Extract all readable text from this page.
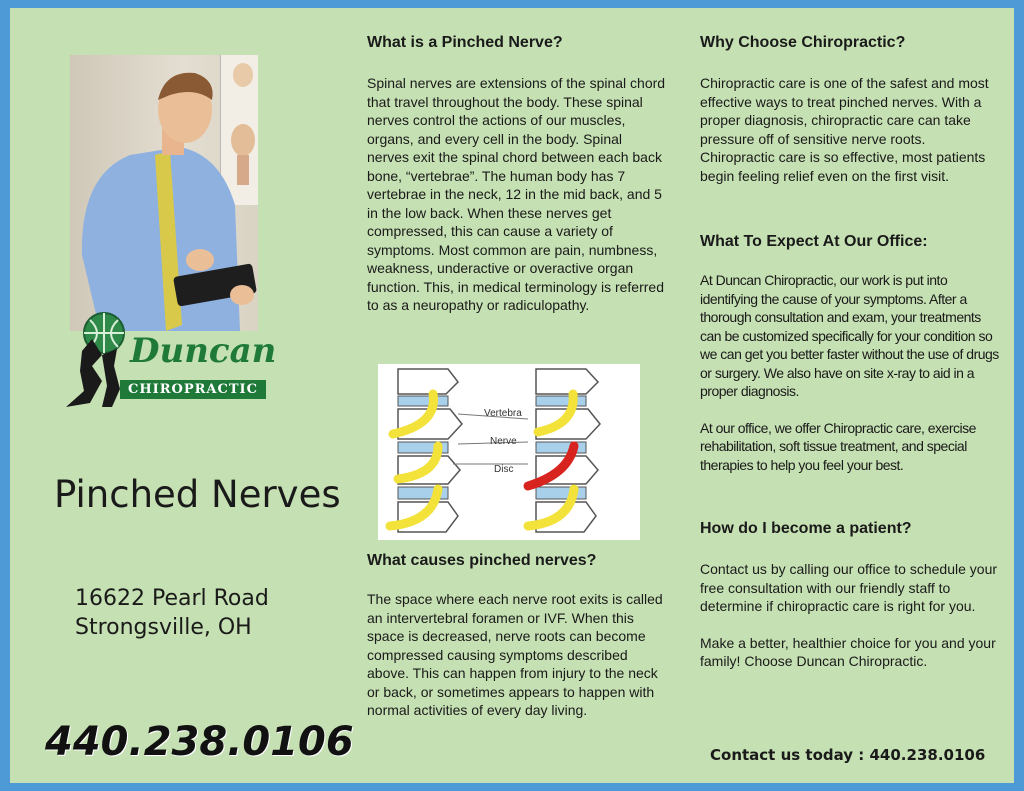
Duncan
CHIROPRACTIC
Pinched Nerves
16622 Pearl Road
Strongsville, OH
440.238.0106
What is a Pinched Nerve?

Spinal nerves are extensions of the spinal chord that travel throughout the body. These spinal nerves control the actions of our muscles, organs, and every cell in the body. Spinal nerves exit the spinal chord between each back bone, “vertebrae”. The human body has 7 vertebrae in the neck, 12 in the mid back, and 5 in the low back. When these nerves get compressed, this can cause a variety of symptoms. Most common are pain, numbness, weakness, underactive or overactive organ function. This, in medical terminology is referred to as a neuropathy or radiculopathy.

Vertebra
Nerve
Disc
What causes pinched nerves?

The space where each nerve root exits is called an intervertebral foramen or IVF. When this space is decreased, nerve roots can become compressed causing symptoms described above. This can happen from injury to the neck or back, or sometimes appears to happen with normal activities of every day living.

Why Choose Chiropractic?

Chiropractic care is one of the safest and most effective ways to treat pinched nerves. With a proper diagnosis, chiropractic care can take pressure off of sensitive nerve roots. Chiropractic care is so effective, most patients begin feeling relief even on the first visit.

What To Expect At Our Office:

At Duncan Chiropractic, our work is put into identifying the cause of your symptoms. After a thorough consultation and exam, your treatments can be customized specifically for your condition so we can get you better faster without the use of drugs or surgery. We also have on site x-ray to aid in a proper diagnosis.

At our office, we offer Chiropractic care, exercise rehabilitation, soft tissue treatment, and special therapies to help you feel your best.

How do I become a patient?

Contact us by calling our office to schedule your free consultation with our friendly staff to determine if chiropractic care is right for you.

Make a better, healthier choice for you and your family! Choose Duncan Chiropractic.

Contact us today : 440.238.0106
